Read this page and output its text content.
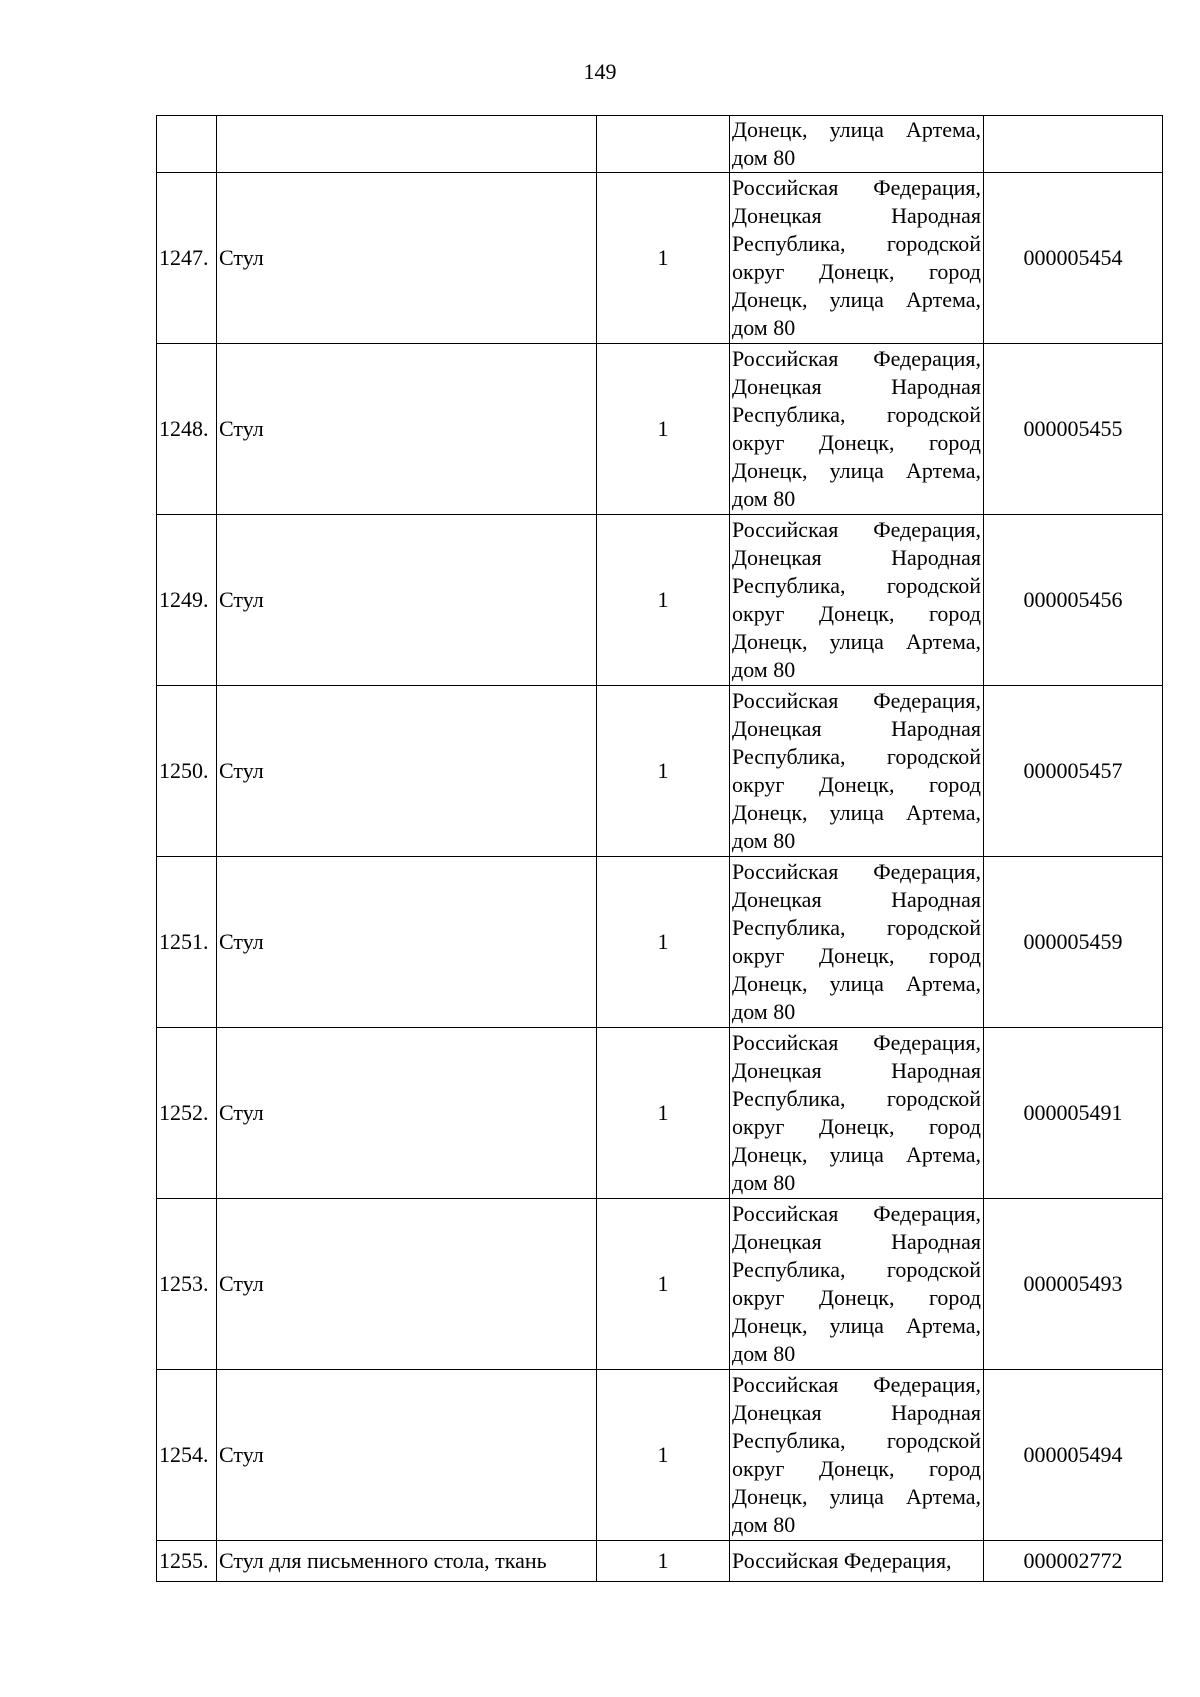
149
			Донецк, улица Артема, дом 80	
1247.	Стул	1	Российская Федерация, Донецкая Народная Республика, городской округ Донецк, город Донецк, улица Артема, дом 80	000005454
1248.	Стул	1	Российская Федерация, Донецкая Народная Республика, городской округ Донецк, город Донецк, улица Артема, дом 80	000005455
1249.	Стул	1	Российская Федерация, Донецкая Народная Республика, городской округ Донецк, город Донецк, улица Артема, дом 80	000005456
1250.	Стул	1	Российская Федерация, Донецкая Народная Республика, городской округ Донецк, город Донецк, улица Артема, дом 80	000005457
1251.	Стул	1	Российская Федерация, Донецкая Народная Республика, городской округ Донецк, город Донецк, улица Артема, дом 80	000005459
1252.	Стул	1	Российская Федерация, Донецкая Народная Республика, городской округ Донецк, город Донецк, улица Артема, дом 80	000005491
1253.	Стул	1	Российская Федерация, Донецкая Народная Республика, городской округ Донецк, город Донецк, улица Артема, дом 80	000005493
1254.	Стул	1	Российская Федерация, Донецкая Народная Республика, городской округ Донецк, город Донецк, улица Артема, дом 80	000005494
1255.	Стул для письменного стола, ткань	1	Российская Федерация,	000002772
